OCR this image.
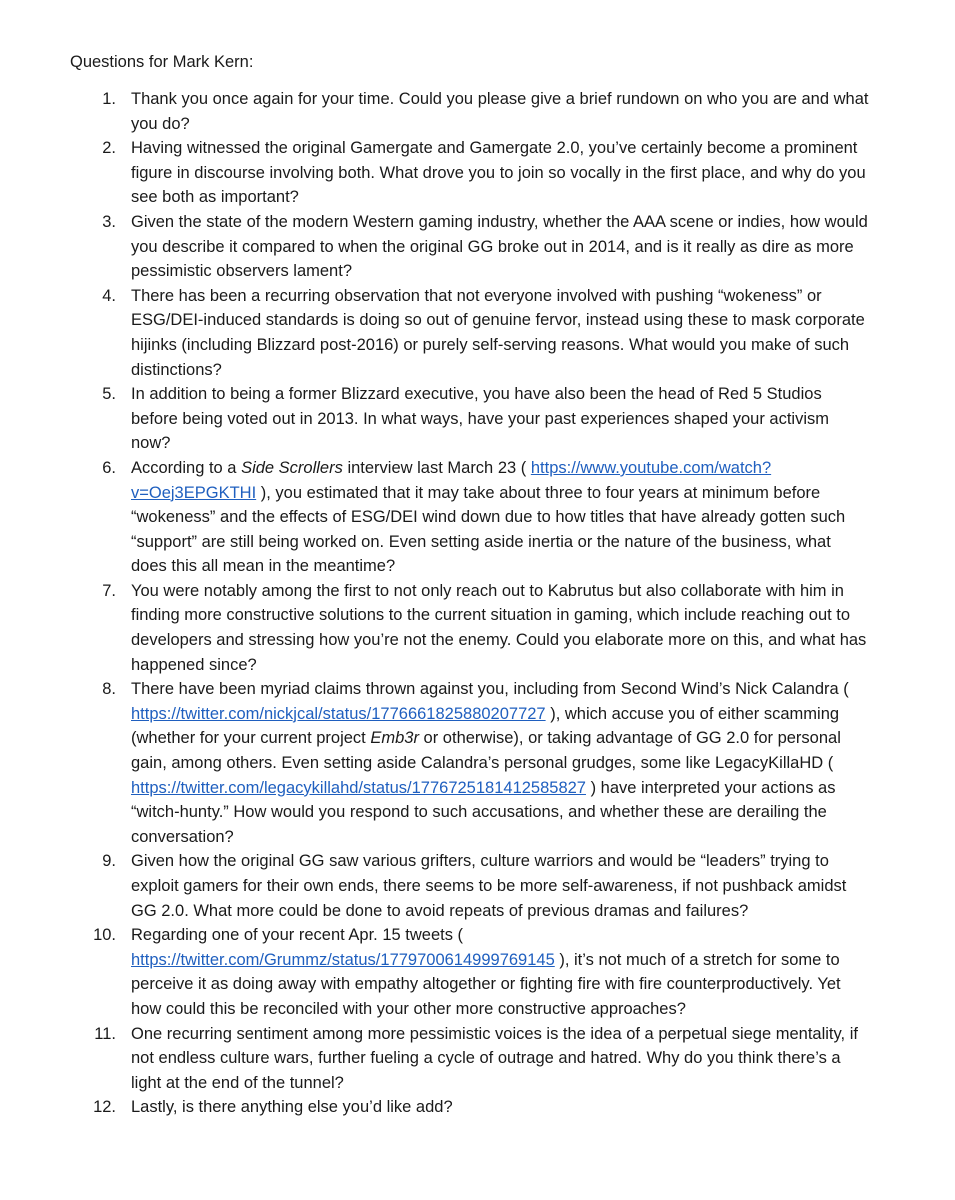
Questions for Mark Kern:
1. Thank you once again for your time. Could you please give a brief rundown on who you are and what you do?
2. Having witnessed the original Gamergate and Gamergate 2.0, you’ve certainly become a prominent figure in discourse involving both. What drove you to join so vocally in the first place, and why do you see both as important?
3. Given the state of the modern Western gaming industry, whether the AAA scene or indies, how would you describe it compared to when the original GG broke out in 2014, and is it really as dire as more pessimistic observers lament?
4. There has been a recurring observation that not everyone involved with pushing “wokeness” or ESG/DEI-induced standards is doing so out of genuine fervor, instead using these to mask corporate hijinks (including Blizzard post-2016) or purely self-serving reasons. What would you make of such distinctions?
5. In addition to being a former Blizzard executive, you have also been the head of Red 5 Studios before being voted out in 2013. In what ways, have your past experiences shaped your activism now?
6. According to a Side Scrollers interview last March 23 ( https://www.youtube.com/watch?v=Oej3EPGKTHI ), you estimated that it may take about three to four years at minimum before “wokeness” and the effects of ESG/DEI wind down due to how titles that have already gotten such “support” are still being worked on. Even setting aside inertia or the nature of the business, what does this all mean in the meantime?
7. You were notably among the first to not only reach out to Kabrutus but also collaborate with him in finding more constructive solutions to the current situation in gaming, which include reaching out to developers and stressing how you’re not the enemy. Could you elaborate more on this, and what has happened since?
8. There have been myriad claims thrown against you, including from Second Wind’s Nick Calandra ( https://twitter.com/nickjcal/status/1776661825880207727 ), which accuse you of either scamming (whether for your current project Emb3r or otherwise), or taking advantage of GG 2.0 for personal gain, among others. Even setting aside Calandra’s personal grudges, some like LegacyKillaHD ( https://twitter.com/legacykillahd/status/1776725181412585827 ) have interpreted your actions as “witch-hunty.” How would you respond to such accusations, and whether these are derailing the conversation?
9. Given how the original GG saw various grifters, culture warriors and would be “leaders” trying to exploit gamers for their own ends, there seems to be more self-awareness, if not pushback amidst GG 2.0. What more could be done to avoid repeats of previous dramas and failures?
10. Regarding one of your recent Apr. 15 tweets ( https://twitter.com/Grummz/status/1779700614999769145 ), it’s not much of a stretch for some to perceive it as doing away with empathy altogether or fighting fire with fire counterproductively. Yet how could this be reconciled with your other more constructive approaches?
11. One recurring sentiment among more pessimistic voices is the idea of a perpetual siege mentality, if not endless culture wars, further fueling a cycle of outrage and hatred. Why do you think there’s a light at the end of the tunnel?
12. Lastly, is there anything else you’d like add?
